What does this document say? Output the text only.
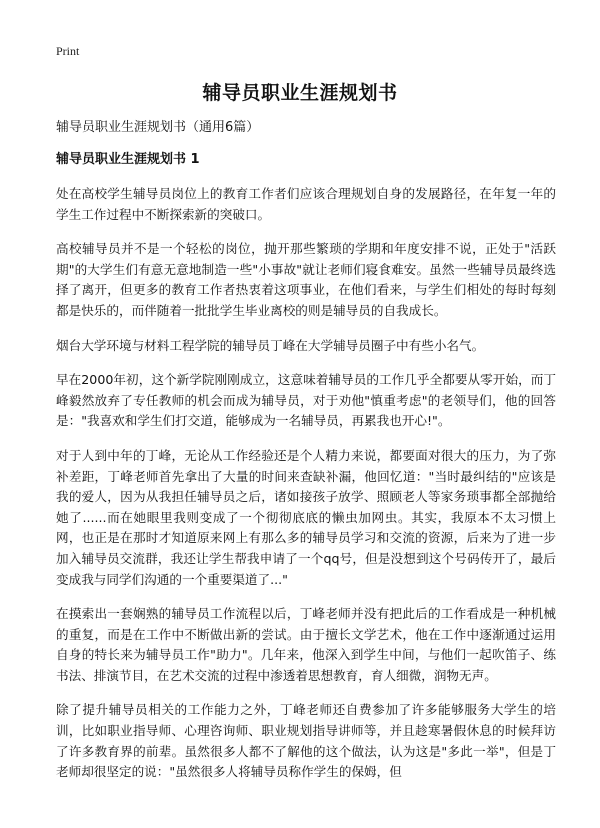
Print
辅导员职业生涯规划书

辅导员职业生涯规划书（通用6篇）

辅导员职业生涯规划书 1

处在高校学生辅导员岗位上的教育工作者们应该合理规划自身的发展路径，在年复一年的学生工作过程中不断探索新的突破口。

高校辅导员并不是一个轻松的岗位，抛开那些繁琐的学期和年度安排不说，正处于"活跃期"的大学生们有意无意地制造一些"小事故"就让老师们寝食难安。虽然一些辅导员最终选择了离开，但更多的教育工作者热衷着这项事业，在他们看来，与学生们相处的每时每刻都是快乐的，而伴随着一批批学生毕业离校的则是辅导员的自我成长。

烟台大学环境与材料工程学院的辅导员丁峰在大学辅导员圈子中有些小名气。

早在2000年初，这个新学院刚刚成立，这意味着辅导员的工作几乎全都要从零开始，而丁峰毅然放弃了专任教师的机会而成为辅导员，对于劝他"慎重考虑"的老领导们，他的回答是："我喜欢和学生们打交道，能够成为一名辅导员，再累我也开心!"。

对于人到中年的丁峰，无论从工作经验还是个人精力来说，都要面对很大的压力，为了弥补差距，丁峰老师首先拿出了大量的时间来查缺补漏，他回忆道："当时最纠结的"应该是我的爱人，因为从我担任辅导员之后，诸如接孩子放学、照顾老人等家务琐事都全部抛给她了......而在她眼里我则变成了一个彻彻底底的懒虫加网虫。其实，我原本不太习惯上网，也正是在那时才知道原来网上有那么多的辅导员学习和交流的资源，后来为了进一步加入辅导员交流群，我还让学生帮我申请了一个qq号，但是没想到这个号码传开了，最后变成我与同学们沟通的一个重要渠道了..."

在摸索出一套娴熟的辅导员工作流程以后，丁峰老师并没有把此后的工作看成是一种机械的重复，而是在工作中不断做出新的尝试。由于擅长文学艺术，他在工作中逐渐通过运用自身的特长来为辅导员工作"助力"。几年来，他深入到学生中间，与他们一起吹笛子、练书法、排演节目，在艺术交流的过程中渗透着思想教育，育人细微，润物无声。

除了提升辅导员相关的工作能力之外，丁峰老师还自费参加了许多能够服务大学生的培训，比如职业指导师、心理咨询师、职业规划指导讲师等，并且趁寒暑假休息的时候拜访了许多教育界的前辈。虽然很多人都不了解他的这个做法，认为这是"多此一举"，但是丁老师却很坚定的说："虽然很多人将辅导员称作学生的保姆，但
